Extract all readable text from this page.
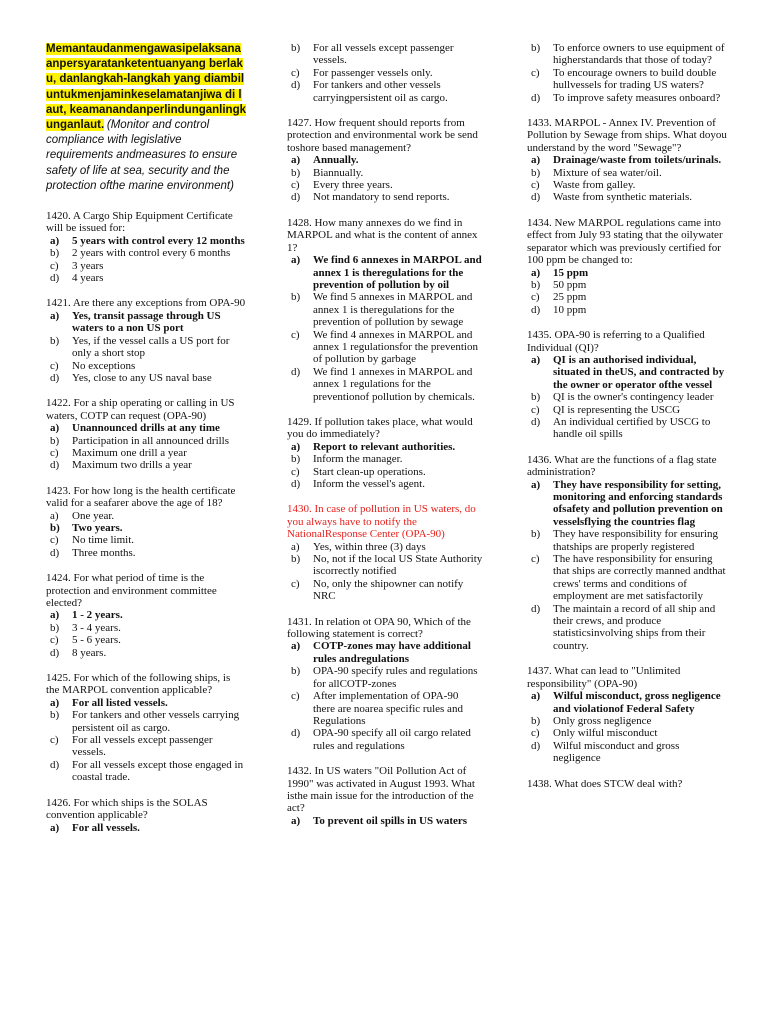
Memantaudanmengawasipelaksanaanpersyaratanketentuanyang berlaku, danlangkah-langkah yang diambiluntukmenjaminkeselamatanjiwa di laut, keamanandanperlindunganlingkunganlaut. (Monitor and control compliance with legislative requirements andmeasures to ensure safety of life at sea, security and the protection ofthe marine environment)

1420. A Cargo Ship Equipment Certificate will be issued for:

a)	5 years with control every 12 months
b)	2 years with control every 6 months
c)	3 years
d)	4 years

1421. Are there any exceptions from OPA-90

a)	Yes, transit passage through US waters to a non US port
b)	Yes, if the vessel calls a US port for only a short stop
c)	No exceptions
d)	Yes, close to any US naval base

1422. For a ship operating or calling in US waters, COTP can request (OPA-90)

a)	Unannounced drills at any time
b)	Participation in all announced drills
c)	Maximum one drill a year
d)	Maximum two drills a year

1423. For how long is the health certificate valid for a seafarer above the age of 18?

a)	One year.
b)	Two years.
c)	No time limit.
d)	Three months.

1424. For what period of time is the protection and environment committee elected?

a)	1 - 2 years.
b)	3 - 4 years.
c)	5 - 6 years.
d)	8 years.

1425. For which of the following ships, is the MARPOL convention applicable?

a)	For all listed vessels.
b)	For tankers and other vessels carrying persistent oil as cargo.
c)	For all vessels except passenger vessels.
d)	For all vessels except those engaged in coastal trade.

1426. For which ships is the SOLAS convention applicable?

a)	For all vessels.
b)	For all vessels except passenger vessels.
c)	For passenger vessels only.
d)	For tankers and other vessels carryingpersistent oil as cargo.

1427. How frequent should reports from protection and environmental work be send toshore based management?

a)	Annually.
b)	Biannually.
c)	Every three years.
d)	Not mandatory to send reports.

1428. How many annexes do we find in MARPOL and what is the content of annex 1?

a)	We find 6 annexes in MARPOL and annex 1 is theregulations for the prevention of pollution by oil
b)	We find 5 annexes in MARPOL and annex 1 is theregulations for the prevention of pollution by sewage
c)	We find 4 annexes in MARPOL and annex 1 regulationsfor the prevention of pollution by garbage
d)	We find 1 annexes in MARPOL and annex 1 regulations for the preventionof pollution by chemicals.

1429. If pollution takes place, what would you do immediately?

a)	Report to relevant authorities.
b)	Inform the manager.
c)	Start clean-up operations.
d)	Inform the vessel's agent.

1430. In case of pollution in US waters, do you always have to notify the NationalResponse Center (OPA-90)

a)	Yes, within three (3) days
b)	No, not if the local US State Authority iscorrectly notified
c)	No, only the shipowner can notify NRC

1431. In relation ot OPA 90, Which of the following statement is correct?

a)	COTP-zones may have additional rules andregulations
b)	OPA-90 specify rules and regulations for allCOTP-zones
c)	After implementation of OPA-90 there are noarea specific rules and Regulations
d)	OPA-90 specify all oil cargo related rules and regulations

1432. In US waters "Oil Pollution Act of 1990" was activated in August 1993. What isthe main issue for the introduction of the act?

a)	To prevent oil spills in US waters
b)	To enforce owners to use equipment of higherstandards that those of today?
c)	To encourage owners to build double hullvessels for trading US waters?
d)	To improve safety measures onboard?

1433. MARPOL - Annex IV. Prevention of Pollution by Sewage from ships. What doyou understand by the word "Sewage"?

a)	Drainage/waste from toilets/urinals.
b)	Mixture of sea water/oil.
c)	Waste from galley.
d)	Waste from synthetic materials.

1434. New MARPOL regulations came into effect from July 93 stating that the oilywater separator which was previously certified for 100 ppm be changed to:

a)	15 ppm
b)	50 ppm
c)	25 ppm
d)	10 ppm

1435. OPA-90 is referring to a Qualified Individual (QI)?

a)	QI is an authorised individual, situated in theUS, and contracted by the owner or operator ofthe vessel
b)	QI is the owner's contingency leader
c)	QI is representing the USCG
d)	An individual certified by USCG to handle oil spills

1436. What are the functions of a flag state administration?

a)	They have responsibility for setting, monitoring and enforcing standards ofsafety and pollution prevention on vesselsflying the countries flag
b)	They have responsibility for ensuring thatships are properly registered
c)	The have responsibility for ensuring that ships are correctly manned andthat crews' terms and conditions of employment are met satisfactorily
d)	The maintain a record of all ship and their crews, and produce statisticsinvolving ships from their country.

1437. What can lead to "Unlimited responsibility" (OPA-90)

a)	Wilful misconduct, gross negligence and violationof Federal Safety
b)	Only gross negligence
c)	Only wilful misconduct
d)	Wilful misconduct and gross negligence

1438. What does STCW deal with?
